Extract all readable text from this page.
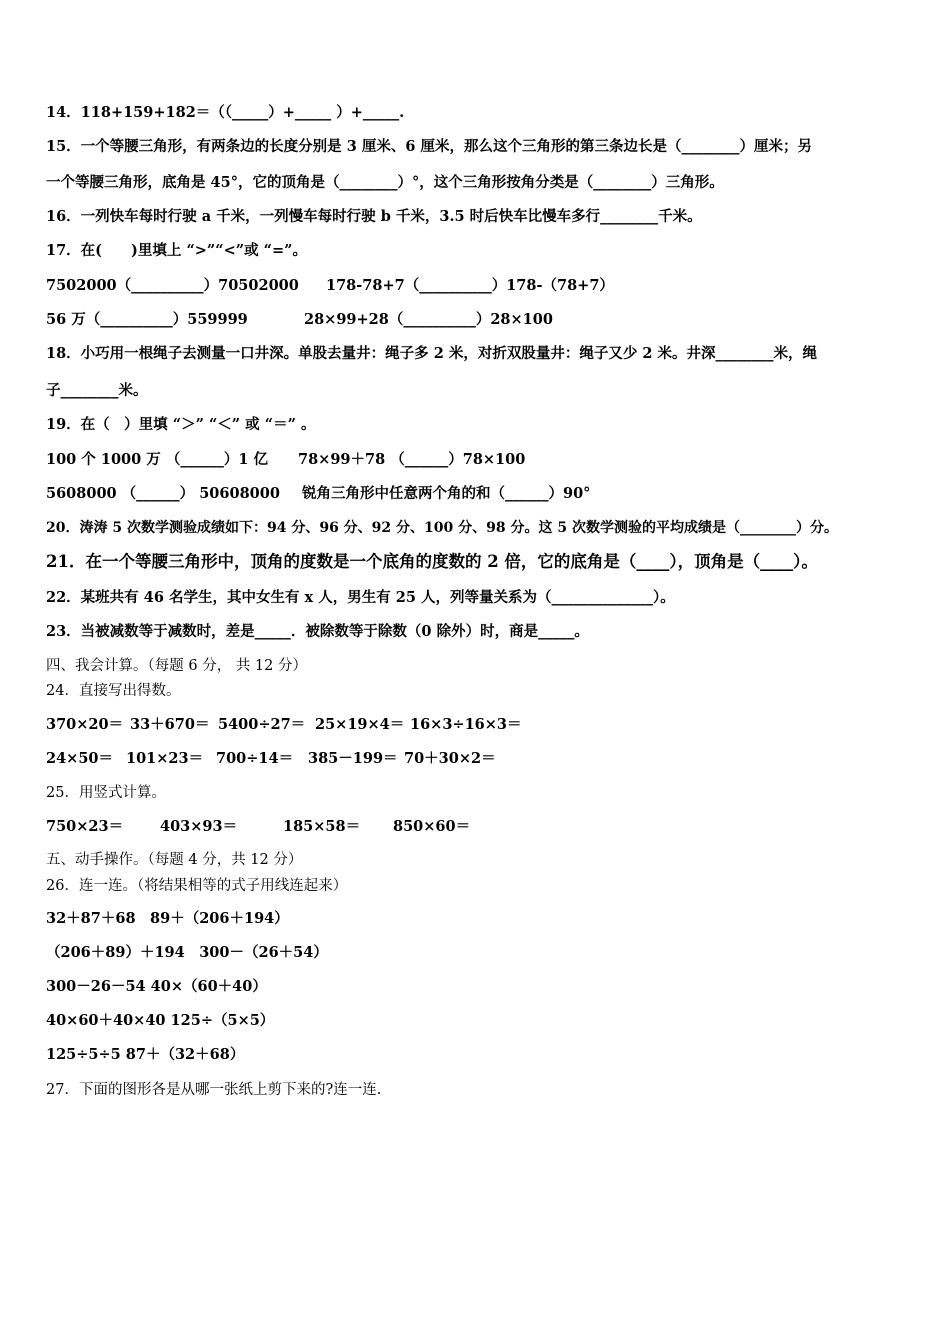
14．118+159+182＝（（_____）+_____ ）+_____.
15．一个等腰三角形，有两条边的长度分别是 3 厘米、6 厘米，那么这个三角形的第三条边长是（________）厘米；另
一个等腰三角形，底角是 45°，它的顶角是（________）°，这个三角形按角分类是（________）三角形。
16．一列快车每时行驶 a 千米，一列慢车每时行驶 b 千米，3.5 时后快车比慢车多行________千米。
17．在(　　)里填上 “>”“<”或 “=”。
7502000（__________）70502000 178-78+7（__________）178-（78+7）
56 万（__________）559999	28×99+28（__________）28×100
18．小巧用一根绳子去测量一口井深。单股去量井：绳子多 2 米，对折双股量井：绳子又少 2 米。井深________米，绳
子________米。
19．在（　）里填 “＞” “＜” 或 “＝” 。
100 个 1000 万 （______）1 亿 78×99＋78 （______）78×100
5608000 （______） 50608000 锐角三角形中任意两个角的和（______）90°
20．涛涛 5 次数学测验成绩如下：94 分、96 分、92 分、100 分、98 分。这 5 次数学测验的平均成绩是（________）分。
21．在一个等腰三角形中，顶角的度数是一个底角的度数的 2 倍，它的底角是（____），顶角是（____）。
22．某班共有 46 名学生，其中女生有 x 人，男生有 25 人，列等量关系为（______________）。
23．当被减数等于减数时，差是_____．被除数等于除数（0 除外）时，商是_____。
四、我会计算。（每题 6 分， 共 12 分）
24．直接写出得数。
370×20＝ 33＋670＝ 5400÷27＝ 25×19×4＝ 16×3÷16×3＝
24×50＝ 101×23＝ 700÷14＝ 385－199＝ 70＋30×2＝
25．用竖式计算。
750×23＝	403×93＝	185×58＝ 850×60＝
五、动手操作。（每题 4 分，共 12 分）
26．连一连。（将结果相等的式子用线连起来）
32＋87＋68　89＋（206＋194）
（206＋89）＋194　300－（26＋54）
300－26－54 40×（60＋40）
40×60＋40×40 125÷（5×5）
125÷5÷5 87＋（32＋68）
27．下面的图形各是从哪一张纸上剪下来的?连一连.
